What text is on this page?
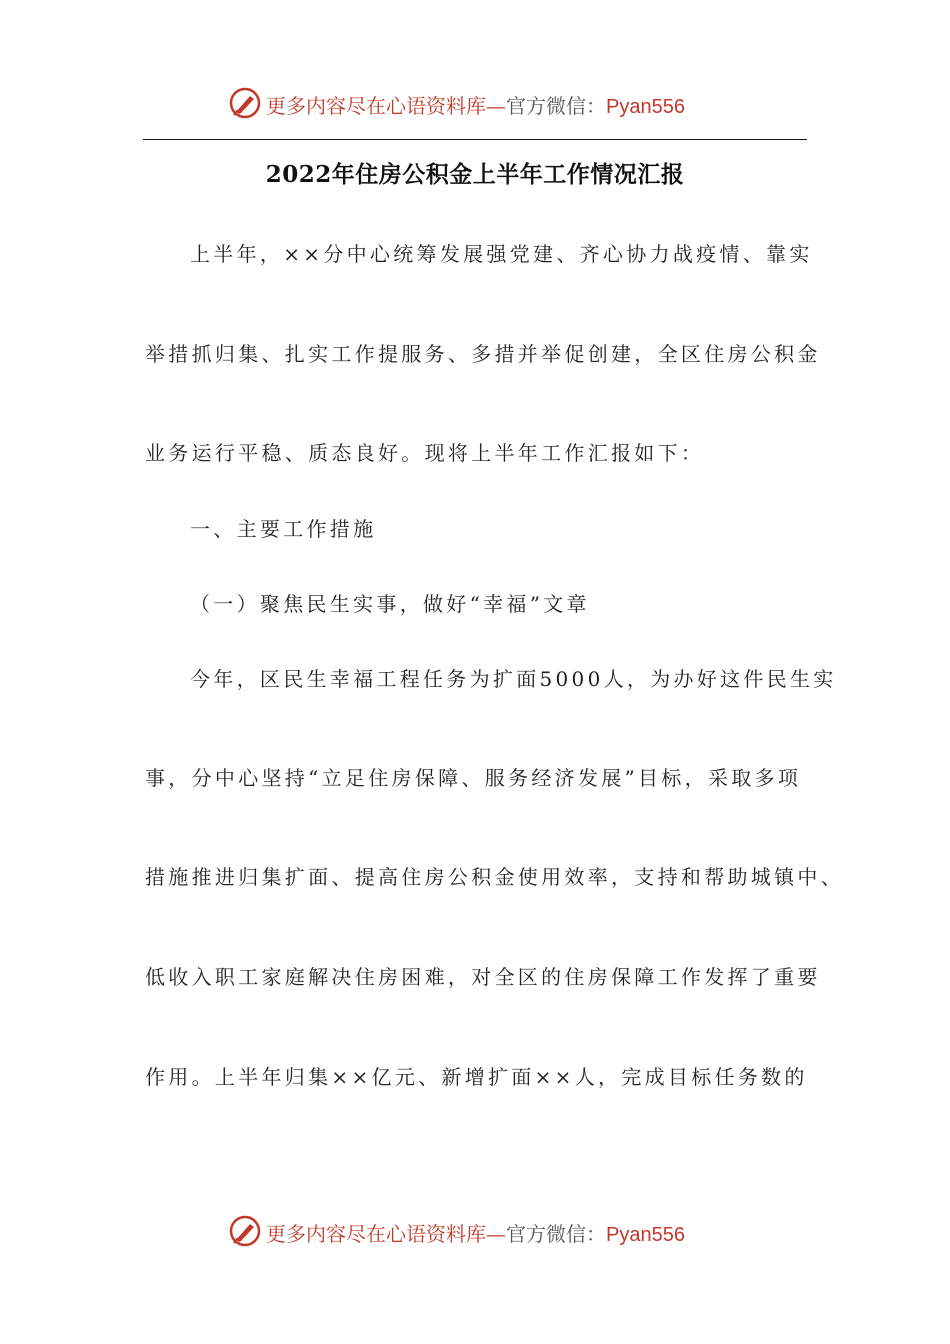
更多内容尽在心语资料库—官方微信：Pyan556
2022年住房公积金上半年工作情况汇报
上半年，××分中心统筹发展强党建、齐心协力战疫情、靠实
举措抓归集、扎实工作提服务、多措并举促创建，全区住房公积金
业务运行平稳、质态良好。现将上半年工作汇报如下：
一、主要工作措施
（一）聚焦民生实事，做好“幸福”文章
今年，区民生幸福工程任务为扩面5000人，为办好这件民生实
事，分中心坚持“立足住房保障、服务经济发展”目标，采取多项
措施推进归集扩面、提高住房公积金使用效率，支持和帮助城镇中、
低收入职工家庭解决住房困难，对全区的住房保障工作发挥了重要
作用。上半年归集××亿元、新增扩面××人，完成目标任务数的
更多内容尽在心语资料库—官方微信：Pyan556
